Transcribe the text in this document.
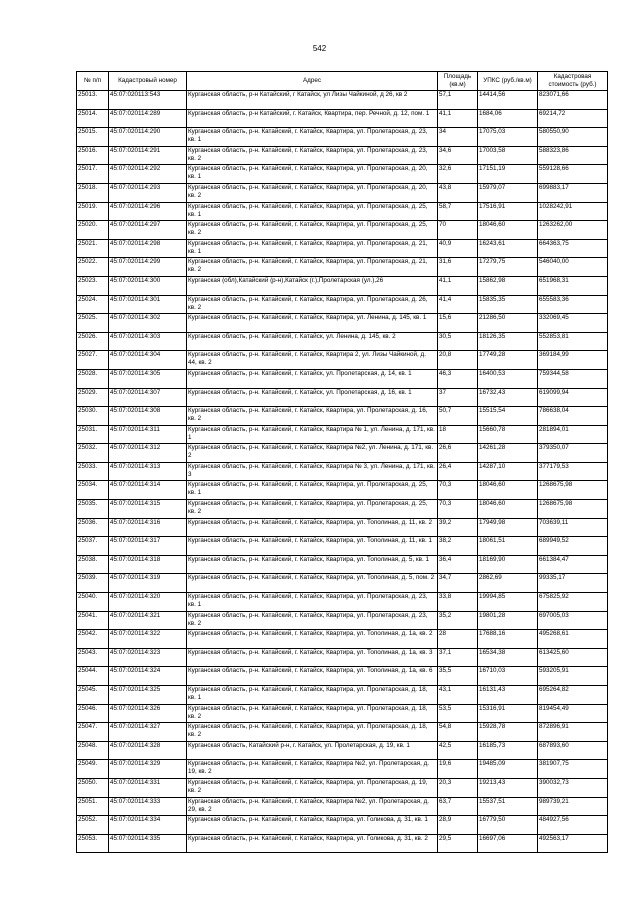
542
№ п/п	Кадастровый номер	Адрес	Площадь (кв.м)	УПКС (руб./кв.м)	Кадастровая стоимость (руб.)
25013.	45:07:020113:543	Курганская область, р-н Катайский, г Катайск, ул Лизы Чайкиной, д 26, кв 2	57,1	14414,56	823071,66
25014.	45:07:020114:289	Курганская область, р-н Катайский, г. Катайск, Квартира, пер. Речной, д. 12, пом. 1	41,1	1684,06	69214,72
25015.	45:07:020114:290	Курганская область, р-н. Катайский, г. Катайск, Квартира, ул. Пролетарская, д. 23, кв. 1	34	17075,03	580550,90
25016.	45:07:020114:291	Курганская область, р-н. Катайский, г. Катайск, Квартира, ул. Пролетарская, д. 23, кв. 2	34,6	17003,58	588323,86
25017.	45:07:020114:292	Курганская область, р-н. Катайский, г. Катайск, Квартира, ул. Пролетарская, д. 20, кв. 1	32,6	17151,19	559128,66
25018.	45:07:020114:293	Курганская область, р-н. Катайский, г. Катайск, Квартира, ул. Пролетарская, д. 20, кв. 2	43,8	15979,07	699883,17
25019.	45:07:020114:296	Курганская область, р-н. Катайский, г. Катайск, Квартира, ул. Пролетарская, д. 25, кв. 1	58,7	17516,91	1028242,91
25020.	45:07:020114:297	Курганская область, р-н. Катайский, г. Катайск, Квартира, ул. Пролетарская, д. 25, кв. 2	70	18046,60	1263262,00
25021.	45:07:020114:298	Курганская область, р-н. Катайский, г. Катайск, Квартира, ул. Пролетарская, д. 21, кв. 1	40,9	16243,61	664363,75
25022.	45:07:020114:299	Курганская область, р-н. Катайский, г. Катайск, Квартира, ул. Пролетарская, д. 21, кв. 2	31,6	17279,75	546040,00
25023.	45:07:020114:300	Курганская (обл),Катайский (р-н),Катайск (г.),Пролетарская (ул.),26	41,1	15862,98	651968,31
25024.	45:07:020114:301	Курганская область, р-н. Катайский, г. Катайск, Квартира, ул. Пролетарская, д. 26, кв. 2	41,4	15835,35	655583,36
25025.	45:07:020114:302	Курганская область, р-н. Катайский, г. Катайск, Квартира, ул. Ленина, д. 145, кв. 1	15,6	21286,50	332069,45
25026.	45:07:020114:303	Курганская область, р-н. Катайский, г. Катайск, ул. Ленина, д. 145, кв. 2	30,5	18126,35	552853,81
25027.	45:07:020114:304	Курганская область, р-н. Катайский, г. Катайск, Квартира 2, ул. Лизы Чайкиной, д. 44, кв. 2	20,8	17749,28	369184,99
25028.	45:07:020114:305	Курганская область, р-н. Катайский, г. Катайск, ул. Пролетарская, д. 14, кв. 1	46,3	16400,53	759344,58
25029.	45:07:020114:307	Курганская область, р-н. Катайский, г. Катайск, ул. Пролетарская, д. 16, кв. 1	37	16732,43	619099,94
25030.	45:07:020114:308	Курганская область, р-н. Катайский, г. Катайск, Квартира, ул. Пролетарская, д. 16, кв. 2	50,7	15515,54	786638,04
25031.	45:07:020114:311	Курганская область, р-н. Катайский, г. Катайск, Квартира № 1, ул. Ленина, д. 171, кв. 1	18	15660,78	281894,01
25032.	45:07:020114:312	Курганская область, р-н. Катайский, г. Катайск, Квартира №2, ул. Ленина, д. 171, кв. 2	26,6	14261,28	379350,07
25033.	45:07:020114:313	Курганская область, р-н. Катайский, г. Катайск, Квартира № 3, ул. Ленина, д. 171, кв. 3	26,4	14287,10	377179,53
25034.	45:07:020114:314	Курганская область, р-н. Катайский, г. Катайск, Квартира, ул. Пролетарская, д. 25, кв. 1	70,3	18046,60	1268675,98
25035.	45:07:020114:315	Курганская область, р-н. Катайский, г. Катайск, Квартира, ул. Пролетарская, д. 25, кв. 2	70,3	18046,60	1268675,98
25036.	45:07:020114:316	Курганская область, р-н. Катайский, г. Катайск, Квартира, ул. Тополиная, д. 11, кв. 2	39,2	17949,98	703639,11
25037.	45:07:020114:317	Курганская область, р-н. Катайский, г. Катайск, Квартира, ул. Тополиная, д. 11, кв. 1	38,2	18061,51	689949,52
25038.	45:07:020114:318	Курганская область, р-н. Катайский, г. Катайск, Квартира, ул. Тополиная, д. 5, кв. 1	36,4	18169,90	661384,47
25039.	45:07:020114:319	Курганская область, р-н. Катайский, г. Катайск, Квартира, ул. Тополиная, д. 5, пом. 2	34,7	2862,69	99335,17
25040.	45:07:020114:320	Курганская область, р-н. Катайский, г. Катайск, Квартира, ул. Пролетарская, д. 23, кв. 1	33,8	19994,85	675825,92
25041.	45:07:020114:321	Курганская область, р-н. Катайский, г. Катайск, Квартира, ул. Пролетарская, д. 23, кв. 2	35,2	19801,28	697005,03
25042.	45:07:020114:322	Курганская область, р-н. Катайский, г. Катайск, Квартира, ул. Тополиная, д. 1а, кв. 2	28	17688,16	495268,61
25043.	45:07:020114:323	Курганская область, р-н. Катайский, г. Катайск, Квартира, ул. Тополиная, д. 1а, кв. 3	37,1	16534,38	613425,60
25044.	45:07:020114:324	Курганская область, р-н. Катайский, г. Катайск, Квартира, ул. Тополиная, д. 1а, кв. 6	35,5	16710,03	593205,91
25045.	45:07:020114:325	Курганская область, р-н. Катайский, г. Катайск, Квартира, ул. Пролетарская, д. 18, кв. 1	43,1	16131,43	695264,82
25046.	45:07:020114:326	Курганская область, р-н. Катайский, г. Катайск, Квартира, ул. Пролетарская, д. 18, кв. 2	53,5	15316,91	819454,49
25047.	45:07:020114:327	Курганская область, р-н. Катайский, г. Катайск, Квартира, ул. Пролетарская, д. 18, кв. 2	54,8	15928,78	872896,91
25048.	45:07:020114:328	Курганская область, Катайский р-н, г. Катайск, ул. Пролетарская, д. 19, кв. 1	42,5	16185,73	687893,60
25049.	45:07:020114:329	Курганская область, р-н. Катайский, г. Катайск, Квартира №2, ул. Пролетарская, д. 19, кв. 2	19,6	19485,09	381907,75
25050.	45:07:020114:331	Курганская область, р-н. Катайский, г. Катайск, Квартира, ул. Пролетарская, д. 19, кв. 2	20,3	19213,43	390032,73
25051.	45:07:020114:333	Курганская область, р-н. Катайский, г. Катайск, Квартира №2, ул. Пролетарская, д. 29, кв. 2	63,7	15537,51	989739,21
25052.	45:07:020114:334	Курганская область, р-н. Катайский, г. Катайск, Квартира, ул. Голикова, д. 31, кв. 1	28,9	16779,50	484927,56
25053.	45:07:020114:335	Курганская область, р-н. Катайский, г. Катайск, Квартира, ул. Голикова, д. 31, кв. 2	29,5	16697,06	492563,17
